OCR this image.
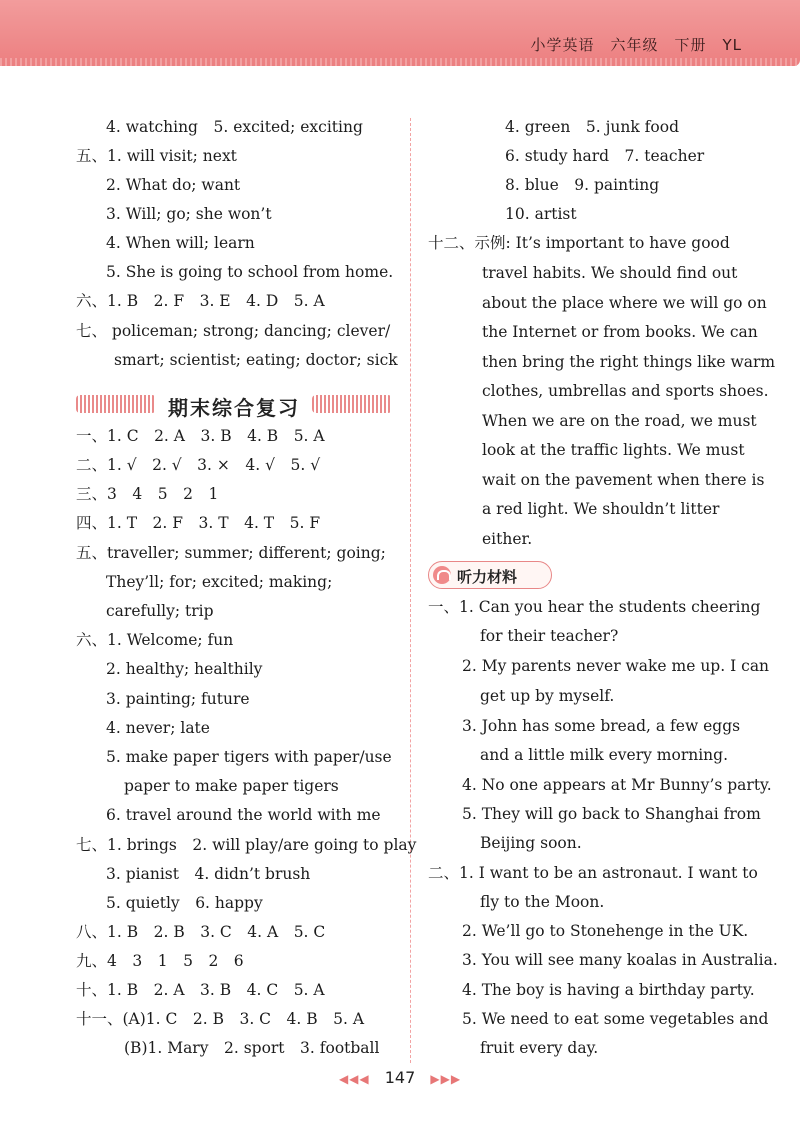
小学英语　六年级　下册　YL
4. watching　5. excited; exciting
五、1. will visit; next
2. What do; want
3. Will; go; she won’t
4. When will; learn
5. She is going to school from home.
六、1. B　2. F　3. E　4. D　5. A
七、 policeman; strong; dancing; clever/
smart; scientist; eating; doctor; sick
期末综合复习
一、1. C　2. A　3. B　4. B　5. A
二、1. √　2. √　3. ×　4. √　5. √
三、3　4　5　2　1
四、1. T　2. F　3. T　4. T　5. F
五、traveller; summer; different; going;
They’ll; for; excited; making;
carefully; trip
六、1. Welcome; fun
2. healthy; healthily
3. painting; future
4. never; late
5. make paper tigers with paper/use
paper to make paper tigers
6. travel around the world with me
七、1. brings　2. will play/are going to play
3. pianist　4. didn’t brush
5. quietly　6. happy
八、1. B　2. B　3. C　4. A　5. C
九、4　3　1　5　2　6
十、1. B　2. A　3. B　4. C　5. A
十一、(A)1. C　2. B　3. C　4. B　5. A
(B)1. Mary　2. sport　3. football
4. green　5. junk food
6. study hard　7. teacher
8. blue　9. painting
10. artist
十二、示例: It’s important to have good
travel habits. We should find out
about the place where we will go on
the Internet or from books. We can
then bring the right things like warm
clothes, umbrellas and sports shoes.
When we are on the road, we must
look at the traffic lights. We must
wait on the pavement when there is
a red light. We shouldn’t litter
either.
听力材料
一、1. Can you hear the students cheering
for their teacher?
2. My parents never wake me up. I can
get up by myself.
3. John has some bread, a few eggs
and a little milk every morning.
4. No one appears at Mr Bunny’s party.
5. They will go back to Shanghai from
Beijing soon.
二、1. I want to be an astronaut. I want to
fly to the Moon.
2. We’ll go to Stonehenge in the UK.
3. You will see many koalas in Australia.
4. The boy is having a birthday party.
5. We need to eat some vegetables and
fruit every day.
◀◀◀ 147 ▶▶▶
